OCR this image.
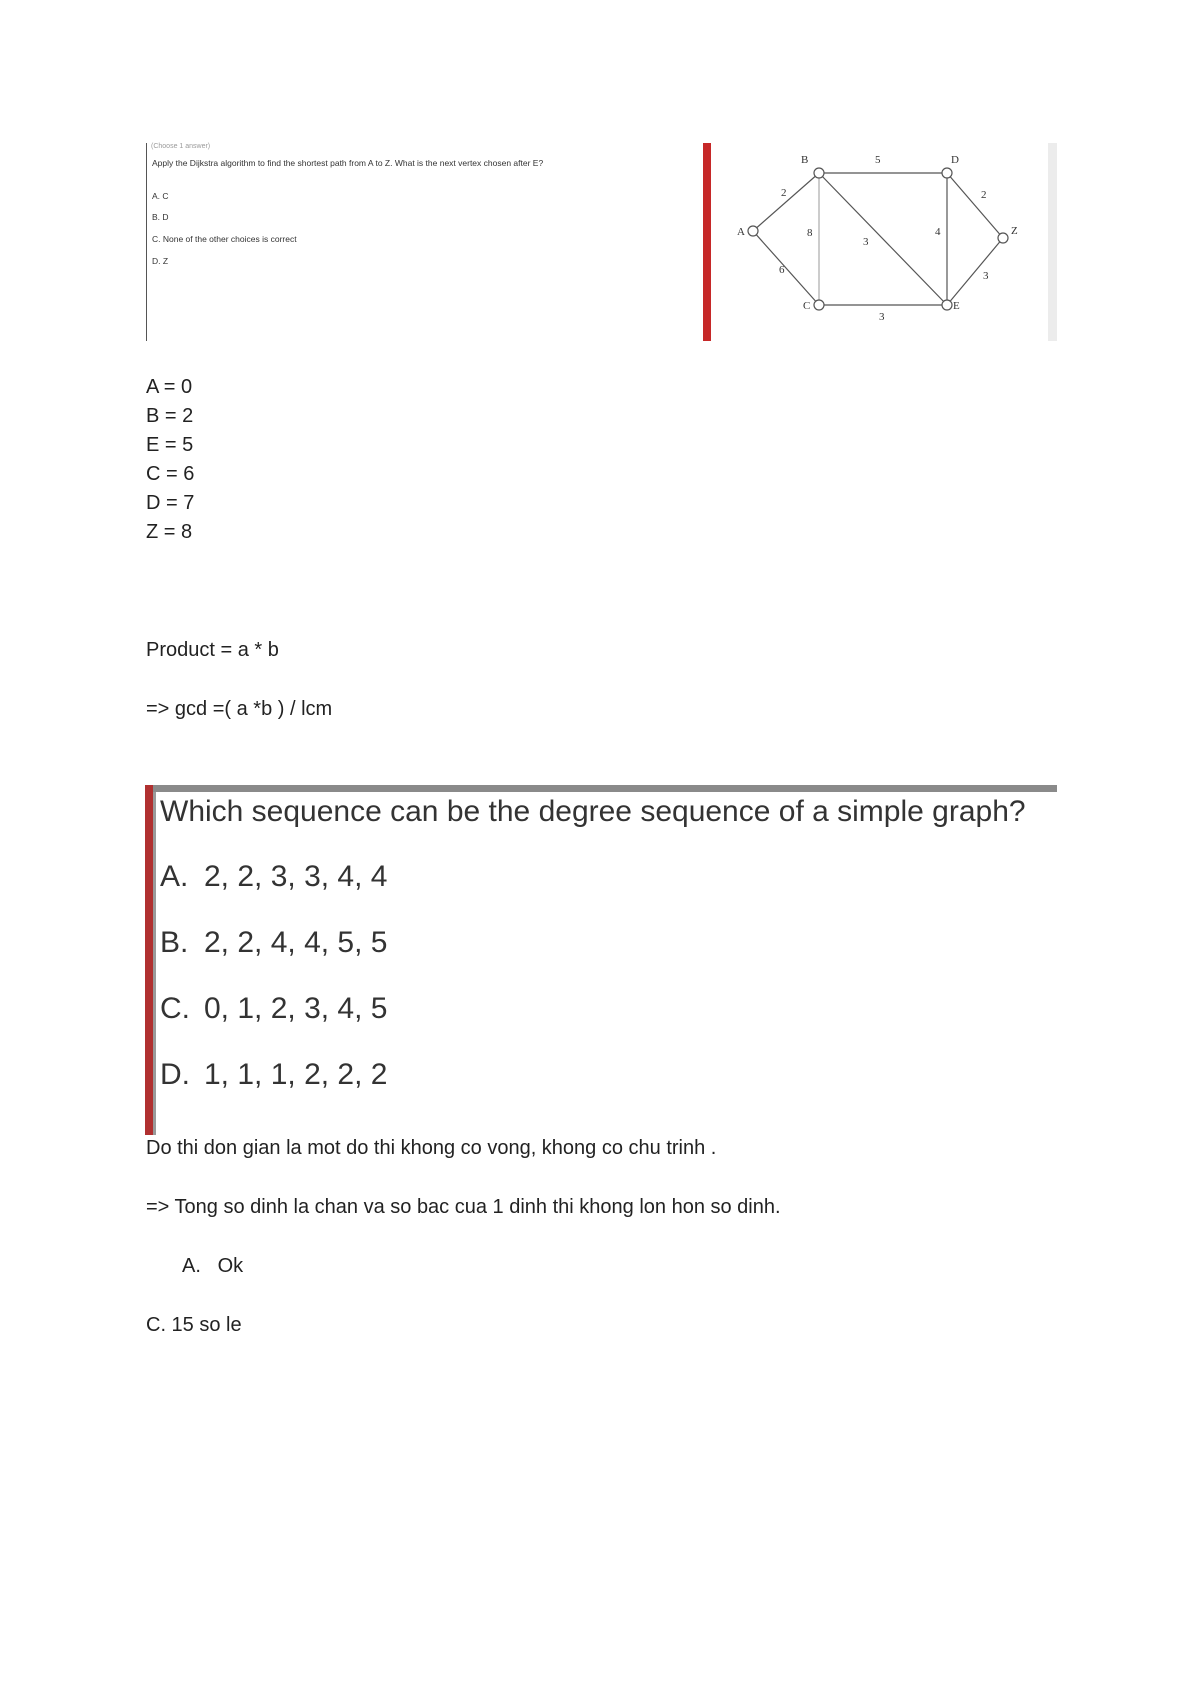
(Choose 1 answer)
Apply the Dijkstra algorithm to find the shortest path from A to Z. What is the next vertex chosen after E?
A. C
B. D
C. None of the other choices is correct
D. Z
2
6
8
5
3
4
2
3
3
A
B
C
D
E
Z
A = 0
B = 2
E = 5
C = 6
D = 7
Z = 8
Product = a * b
=> gcd =( a *b ) / lcm
Which sequence can be the degree sequence of a simple graph?
A. 2, 2, 3, 3, 4, 4
B. 2, 2, 4, 4, 5, 5
C. 0, 1, 2, 3, 4, 5
D. 1, 1, 1, 2, 2, 2
Do thi don gian la mot do thi khong co vong, khong co chu trinh .
=> Tong so dinh la chan va so bac cua 1 dinh thi khong lon hon so dinh.
A.   Ok
C. 15 so le
